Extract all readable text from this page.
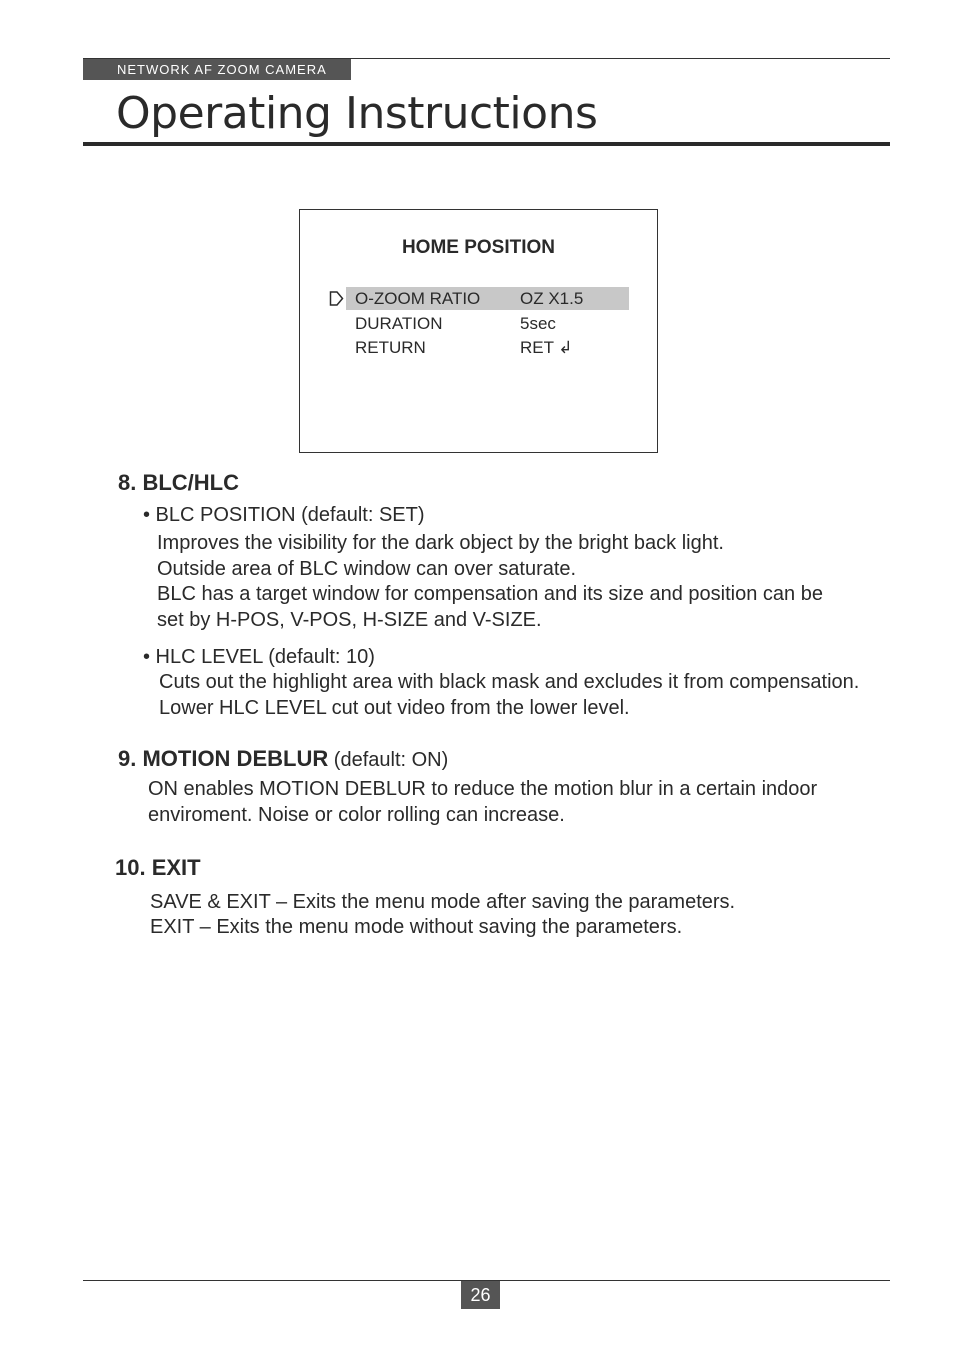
NETWORK AF ZOOM CAMERA
Operating Instructions
HOME POSITION
O-ZOOM RATIO OZ X1.5
DURATION	5sec
RETURN	RET ↲
8. BLC/HLC
• BLC POSITION (default: SET)
Improves the visibility for the dark object by the bright back light.
Outside area of BLC window can over saturate.
BLC has a target window for compensation and its size and position can be
set by H-POS, V-POS, H-SIZE and V-SIZE.
• HLC LEVEL (default: 10)
Cuts out the highlight area with black mask and excludes it from compensation.
Lower HLC LEVEL cut out video from the lower level.
9. MOTION DEBLUR (default: ON)
ON enables MOTION DEBLUR to reduce the motion blur in a certain indoor
enviroment. Noise or color rolling can increase.
10. EXIT
SAVE & EXIT – Exits the menu mode after saving the parameters.
EXIT – Exits the menu mode without saving the parameters.
26
